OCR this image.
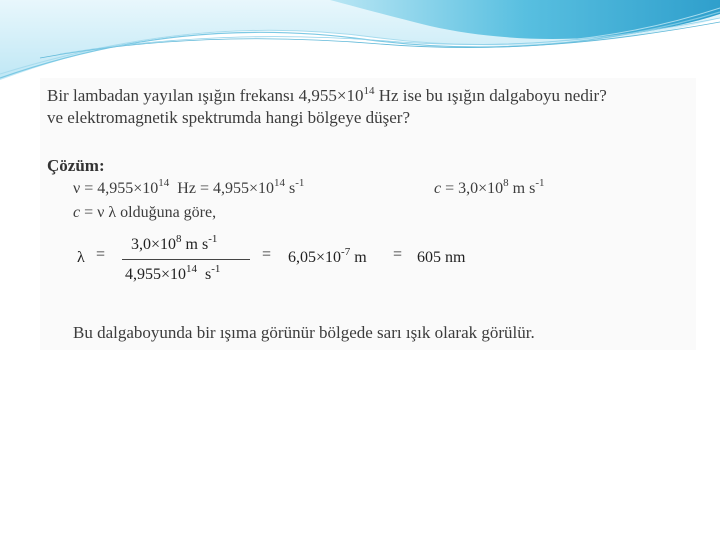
Bir lambadan yayılan ışığın frekansı $4,955\times 10^{14}$ Hz ise bu ışığın dalgaboyu nedir?
ve elektromagnetik spektrumda hangi bölgeye düşer?
Çözüm:
$\nu = 4,955\times 10^{14}$  $Hz = 4,955\times 10^{14}$ $s^{-1}$	$c = 3,0\times 10^8$ m $s^{-1}$
c = ν λ olduğuna göre,
λ =
$3,0\times 10^8$ m $s^{-1}$
$4,955\times 10^{14}$  $s^{-1}$
= $6,05\times 10^{-7}$ m = 605 nm
Bu dalgaboyunda bir ışıma görünür bölgede sarı ışık olarak görülür.
